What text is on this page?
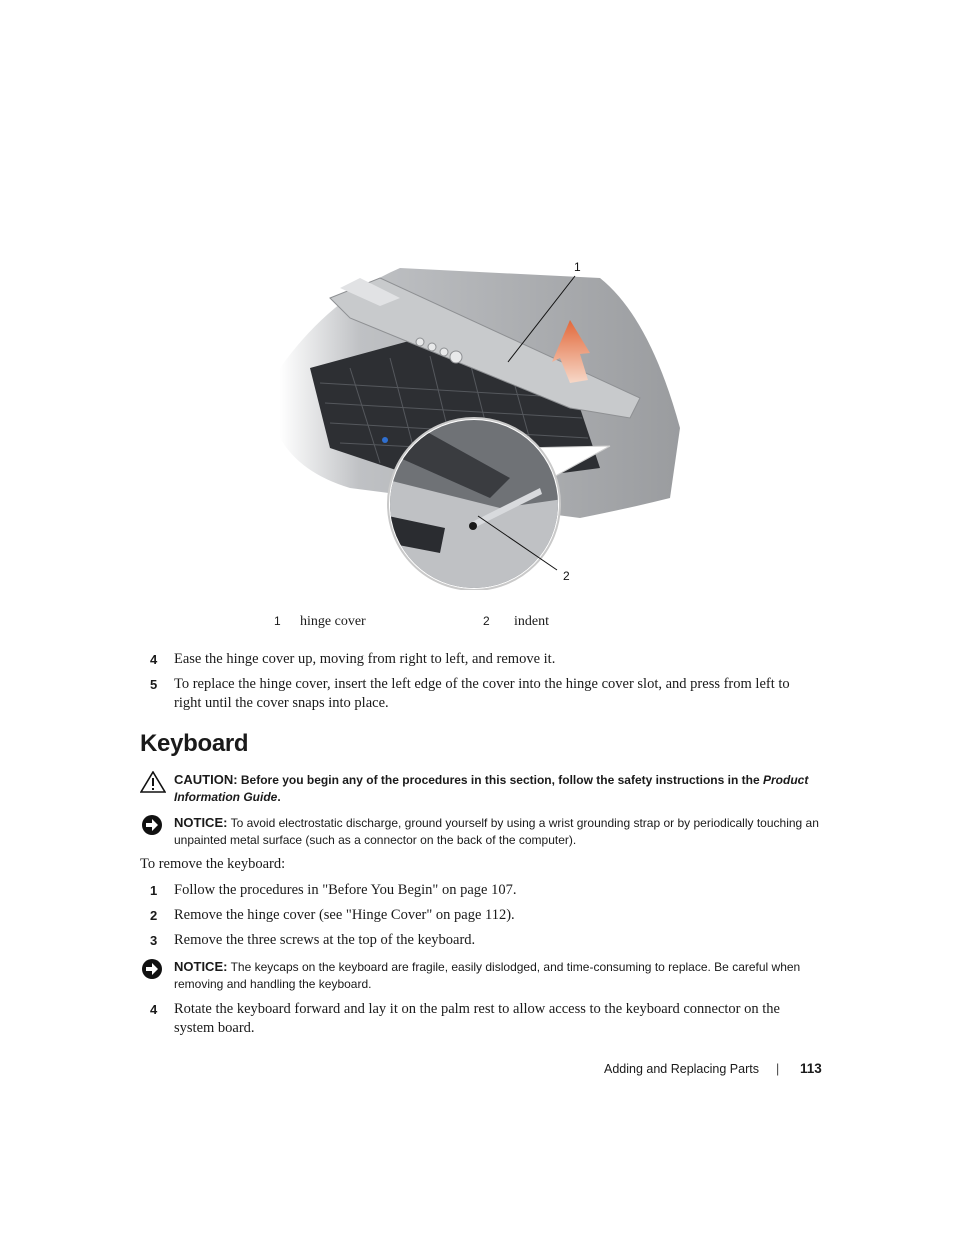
1
2
1 hinge cover	2 indent
4 Ease the hinge cover up, moving from right to left, and remove it.
5 To replace the hinge cover, insert the left edge of the cover into the hinge cover slot, and press from left to right until the cover snaps into place.
Keyboard
CAUTION: Before you begin any of the procedures in this section, follow the safety instructions in the Product Information Guide.
NOTICE: To avoid electrostatic discharge, ground yourself by using a wrist grounding strap or by periodically touching an unpainted metal surface (such as a connector on the back of the computer).
To remove the keyboard:
1 Follow the procedures in "Before You Begin" on page 107.
2 Remove the hinge cover (see "Hinge Cover" on page 112).
3 Remove the three screws at the top of the keyboard.
NOTICE: The keycaps on the keyboard are fragile, easily dislodged, and time-consuming to replace. Be careful when removing and handling the keyboard.
4 Rotate the keyboard forward and lay it on the palm rest to allow access to the keyboard connector on the system board.
Adding and Replacing Parts | 113
